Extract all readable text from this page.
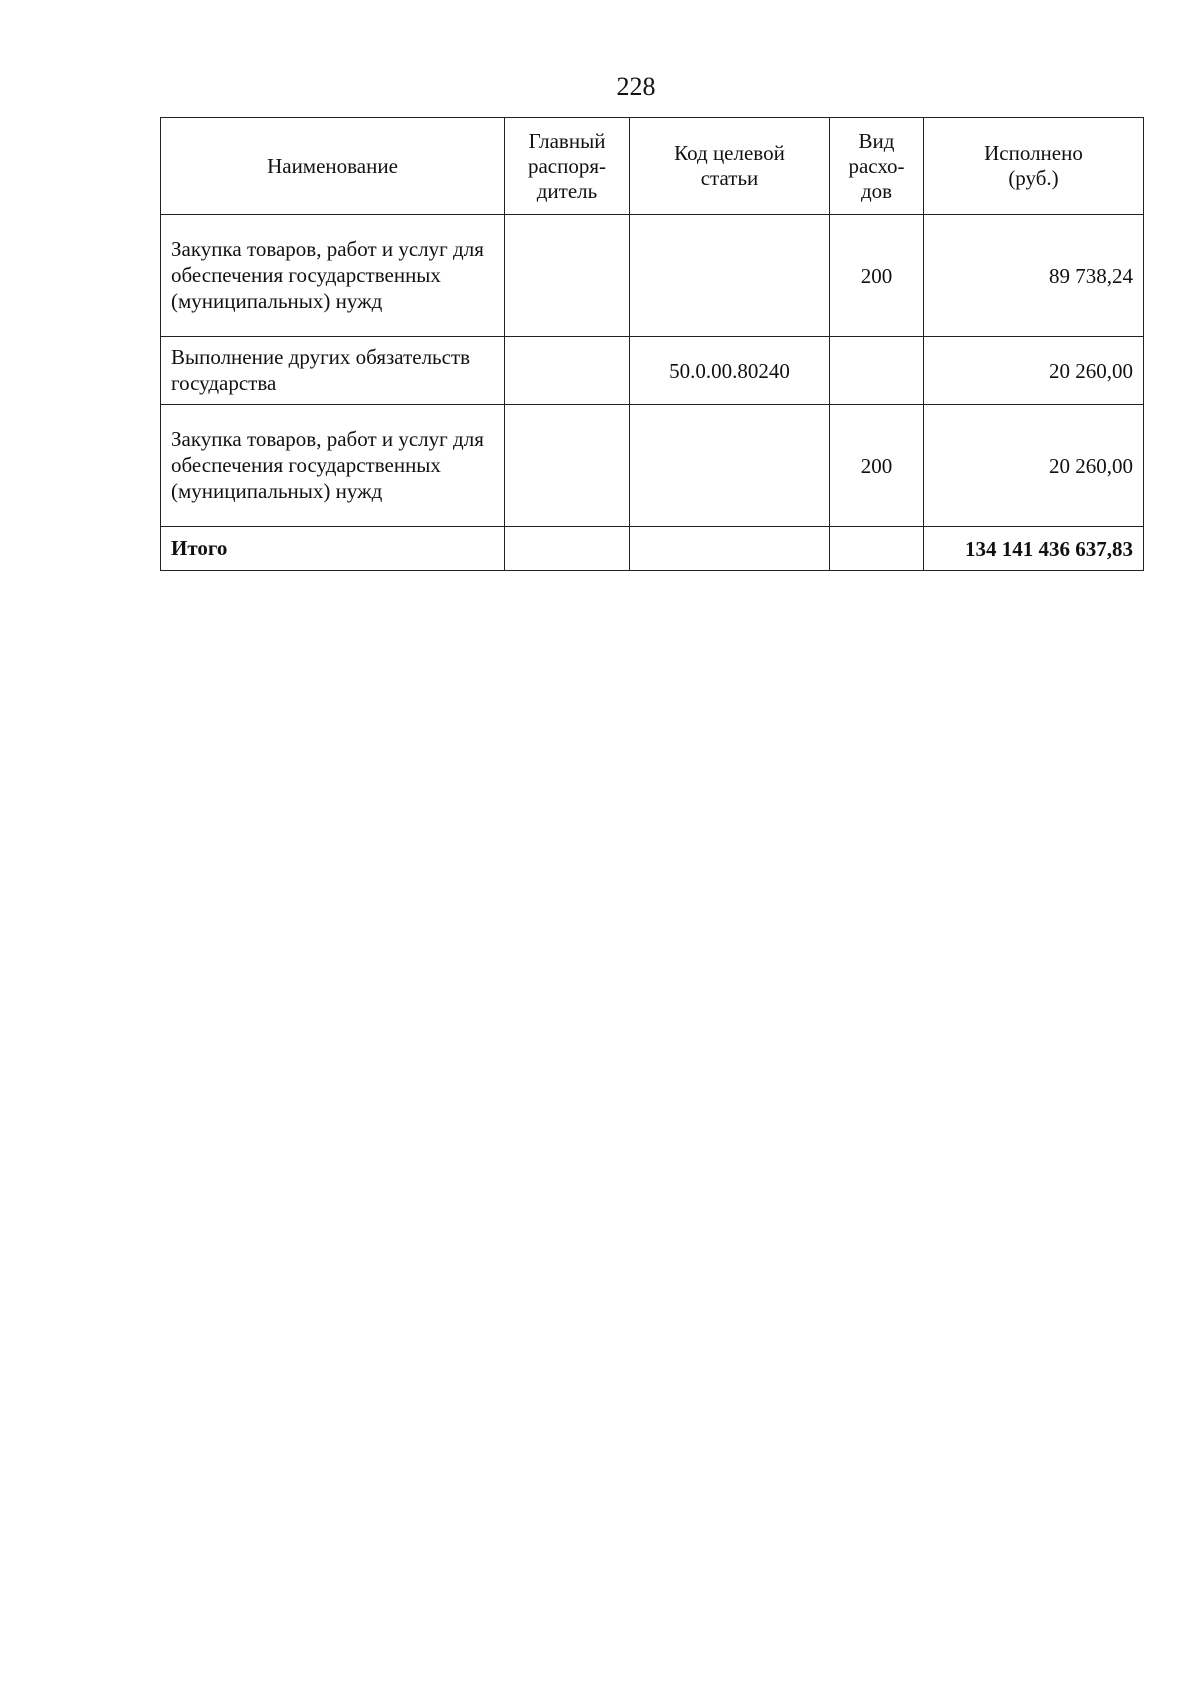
228
Наименование	Главный
распоря-
дитель	Код целевой
статьи	Вид
расхо-
дов	Исполнено
(руб.)
Закупка товаров, работ и услуг для обеспечения государственных (муниципальных) нужд			200	89 738,24
Выполнение других обязательств государства		50.0.00.80240		20 260,00
Закупка товаров, работ и услуг для обеспечения государственных (муниципальных) нужд			200	20 260,00
Итого				134 141 436 637,83
